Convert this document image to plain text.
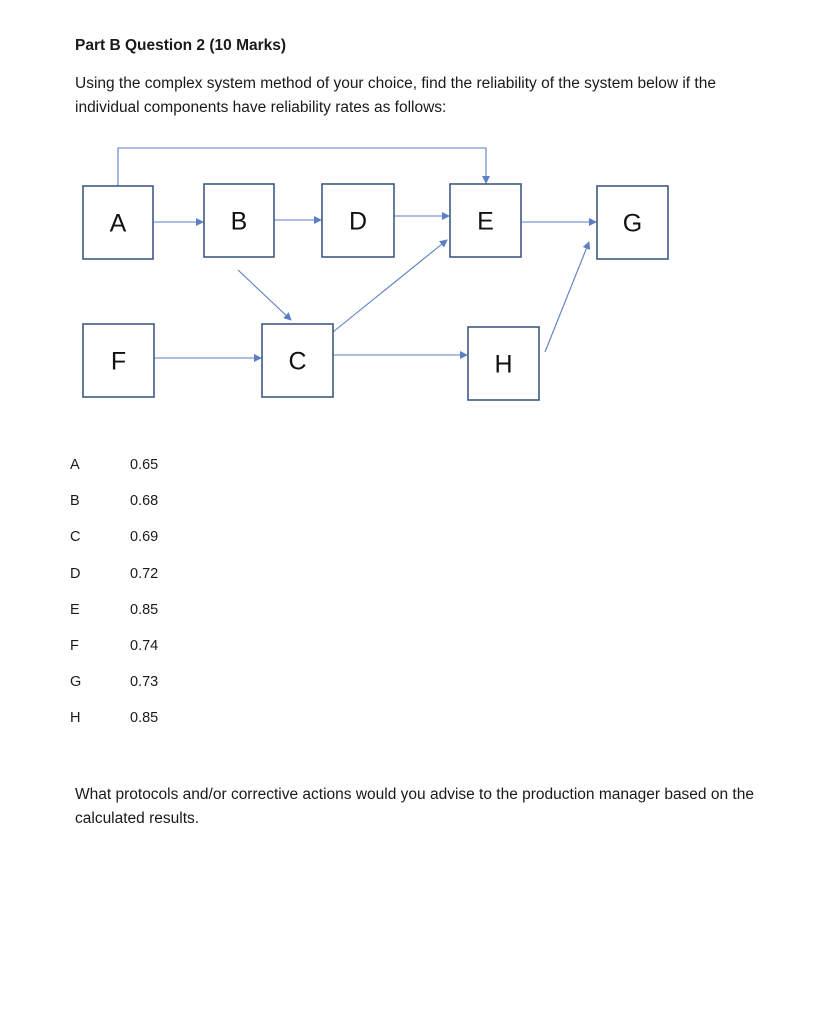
Part B Question 2 (10 Marks)

Using the complex system method of your choice, find the reliability of the system below if the individual components have reliability rates as follows:

A	B
C
D	E
F
G
H
A	0.65
B	0.68
C	0.69
D	0.72
E	0.85
F	0.74
G	0.73
H	0.85

What protocols and/or corrective actions would you advise to the production manager based on the calculated results.
